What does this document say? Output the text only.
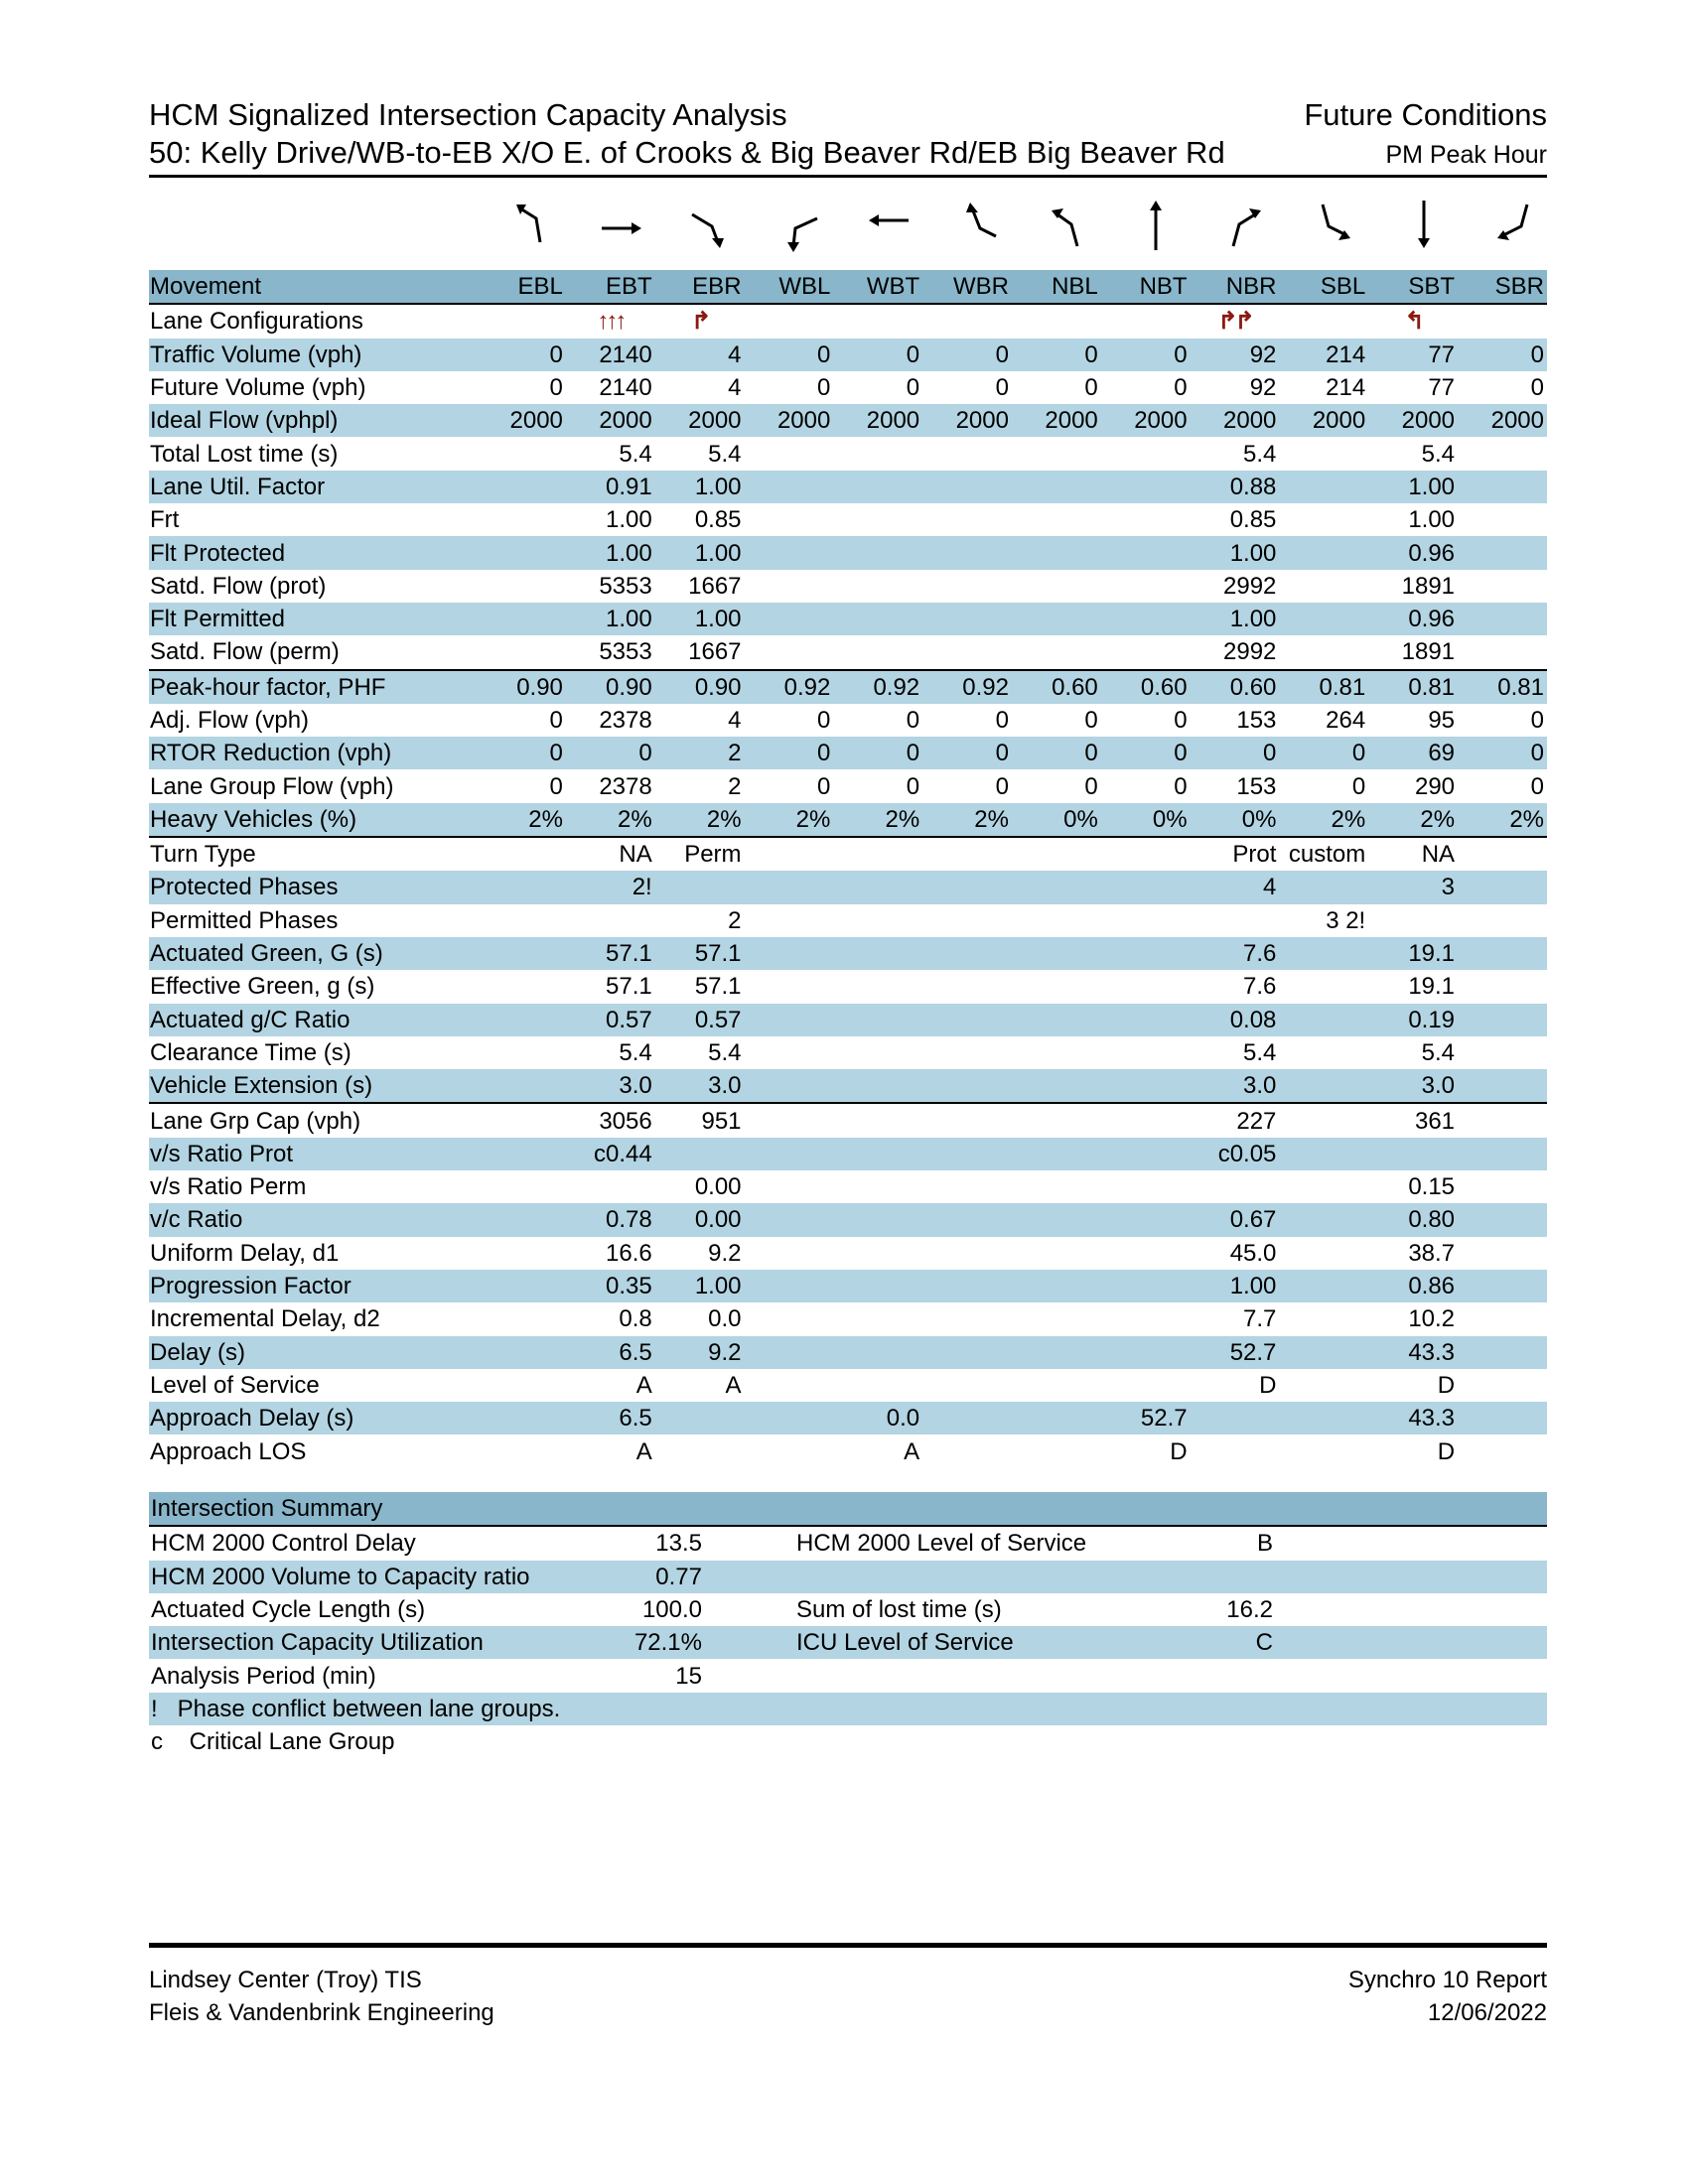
HCM Signalized Intersection Capacity Analysis	Future Conditions
50: Kelly Drive/WB-to-EB X/O E. of Crooks & Big Beaver Rd/EB Big Beaver Rd	PM Peak Hour
Movement	EBL	EBT	EBR	WBL	WBT	WBR	NBL	NBT	NBR	SBL	SBT	SBR
Lane Configurations		↑↑↑	↱						↱↱		↰	
Traffic Volume (vph)	0	2140	4	0	0	0	0	0	92	214	77	0
Future Volume (vph)	0	2140	4	0	0	0	0	0	92	214	77	0
Ideal Flow (vphpl)	2000	2000	2000	2000	2000	2000	2000	2000	2000	2000	2000	2000
Total Lost time (s)		5.4	5.4						5.4		5.4	
Lane Util. Factor		0.91	1.00						0.88		1.00	
Frt		1.00	0.85						0.85		1.00	
Flt Protected		1.00	1.00						1.00		0.96	
Satd. Flow (prot)		5353	1667						2992		1891	
Flt Permitted		1.00	1.00						1.00		0.96	
Satd. Flow (perm)		5353	1667						2992		1891	
Peak-hour factor, PHF	0.90	0.90	0.90	0.92	0.92	0.92	0.60	0.60	0.60	0.81	0.81	0.81
Adj. Flow (vph)	0	2378	4	0	0	0	0	0	153	264	95	0
RTOR Reduction (vph)	0	0	2	0	0	0	0	0	0	0	69	0
Lane Group Flow (vph)	0	2378	2	0	0	0	0	0	153	0	290	0
Heavy Vehicles (%)	2%	2%	2%	2%	2%	2%	0%	0%	0%	2%	2%	2%
Turn Type		NA	Perm						Prot	custom	NA	
Protected Phases		2!							4		3	
Permitted Phases			2							3 2!		
Actuated Green, G (s)		57.1	57.1						7.6		19.1	
Effective Green, g (s)		57.1	57.1						7.6		19.1	
Actuated g/C Ratio		0.57	0.57						0.08		0.19	
Clearance Time (s)		5.4	5.4						5.4		5.4	
Vehicle Extension (s)		3.0	3.0						3.0		3.0	
Lane Grp Cap (vph)		3056	951						227		361	
v/s Ratio Prot		c0.44							c0.05			
v/s Ratio Perm			0.00								0.15	
v/c Ratio		0.78	0.00						0.67		0.80	
Uniform Delay, d1		16.6	9.2						45.0		38.7	
Progression Factor		0.35	1.00						1.00		0.86	
Incremental Delay, d2		0.8	0.0						7.7		10.2	
Delay (s)		6.5	9.2						52.7		43.3	
Level of Service		A	A						D		D	
Approach Delay (s)		6.5			0.0			52.7			43.3	
Approach LOS		A			A			D			D	
Intersection Summary					
HCM 2000 Control Delay	13.5		HCM 2000 Level of Service	B	
HCM 2000 Volume to Capacity ratio	0.77				
Actuated Cycle Length (s)	100.0		Sum of lost time (s)	16.2	
Intersection Capacity Utilization	72.1%		ICU Level of Service	C	
Analysis Period (min)	15				
!   Phase conflict between lane groups.					
c    Critical Lane Group					
Lindsey Center (Troy) TIS
Fleis & Vandenbrink Engineering
Synchro 10 Report
12/06/2022
